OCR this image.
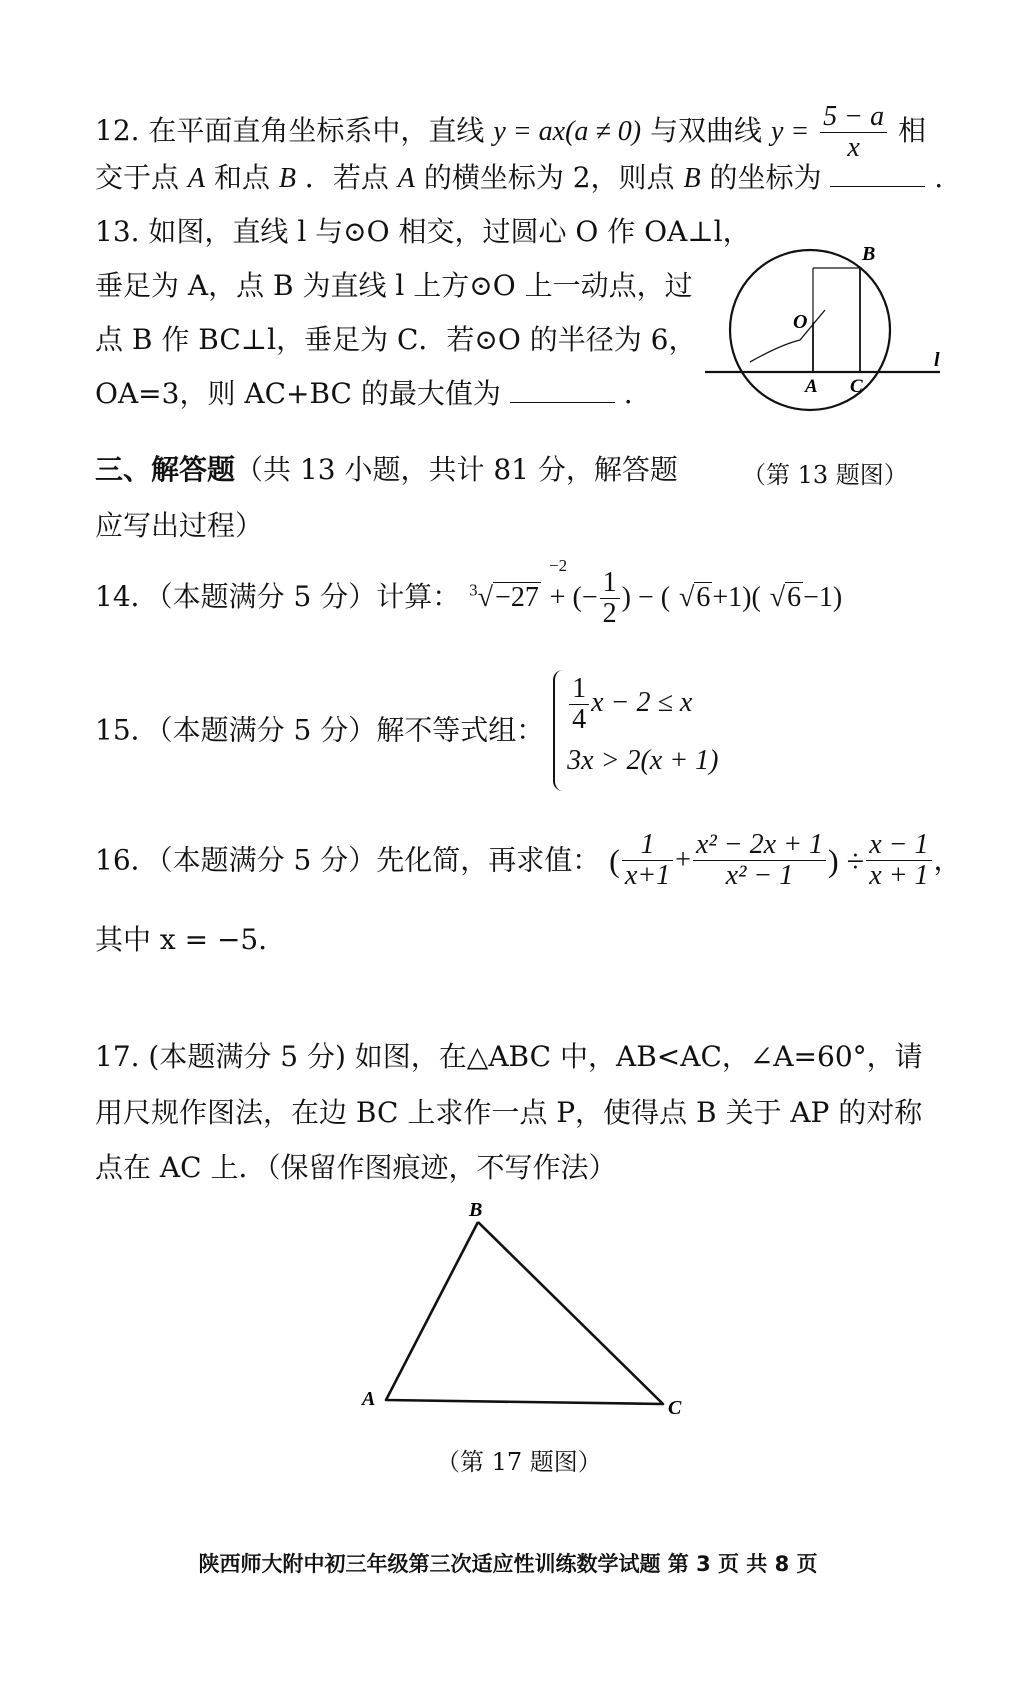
12. 在平面直角坐标系中，直线 y = ax(a ≠ 0) 与双曲线 $y = \frac{5 - a}{x}$ 相
交于点 A 和点 B ．若点 A 的横坐标为 2，则点 B 的坐标为	.
13. 如图，直线 l 与⊙O 相交，过圆心 O 作 OA⊥l，
垂足为 A，点 B 为直线 l 上方⊙O 上一动点，过
点 B 作 BC⊥l，垂足为 C．若⊙O 的半径为 6，
OA=3，则 AC+BC 的最大值为	.
B
O
A C
l
（第 13 题图）
三、解答题（共 13 小题，共计 81 分，解答题
应写出过程）
14．（本题满分 5 分）计算： $^3$√−27 + (− $\frac{1}{2}$ ) − ( √6+1)( √6−1)
−2
15．（本题满分 5 分）解不等式组： $\frac{1}{4}$ x − 2 ≤ x
3x > 2(x + 1)
16．（本题满分 5 分）先化简，再求值： ( $\frac{1}{x+1} + \frac{\text{x² − 2x + 1}}{\text{x² − 1}}$ ) ÷ $\frac{x - 1}{x + 1}$ ，
其中 x = −5．
17. (本题满分 5 分) 如图，在△ABC 中，AB<AC，∠A=60°，请
用尺规作图法，在边 BC 上求作一点 P，使得点 B 关于 AP 的对称
点在 AC 上．（保留作图痕迹，不写作法）
B
A	C
（第 17 题图）
陕西师大附中初三年级第三次适应性训练数学试题 第 3 页 共 8 页
